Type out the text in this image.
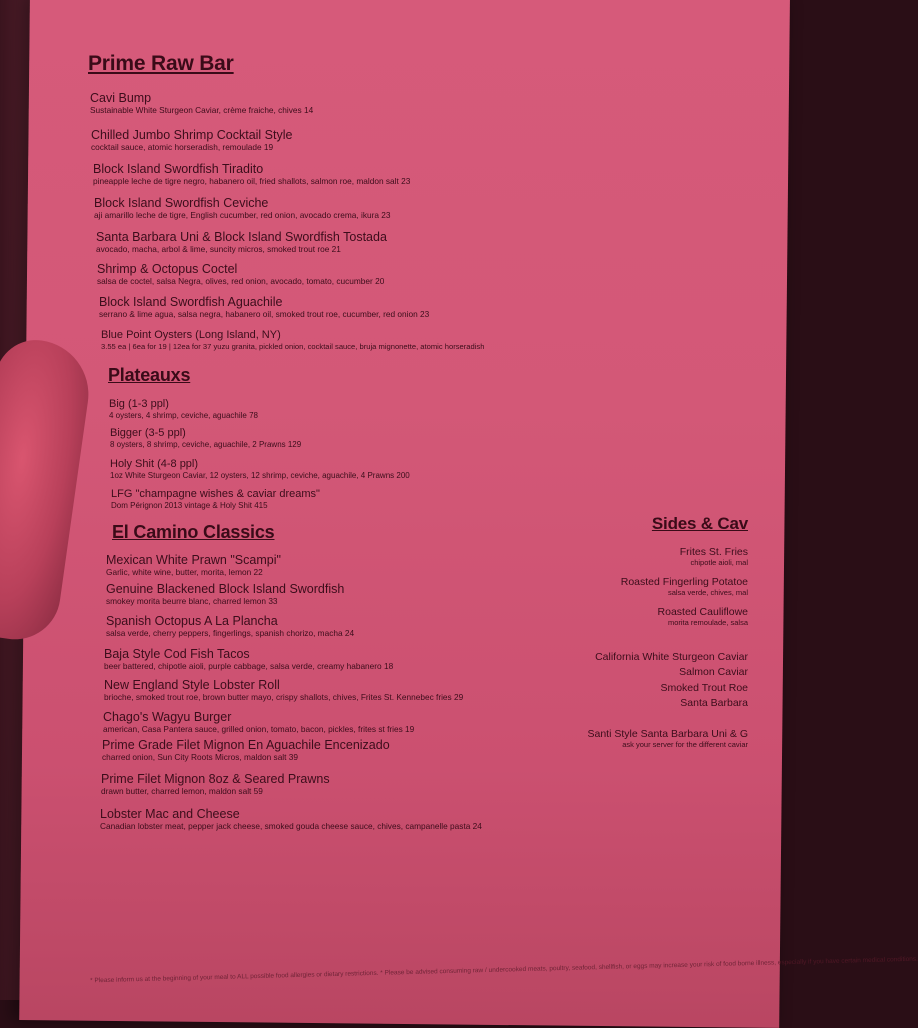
Prime Raw Bar
Cavi Bump
Sustainable White Sturgeon Caviar, crème fraiche, chives 14
Chilled Jumbo Shrimp Cocktail Style
cocktail sauce, atomic horseradish, remoulade 19
Block Island Swordfish Tiradito
pineapple leche de tigre negro, habanero oil, fried shallots, salmon roe, maldon salt 23
Block Island Swordfish Ceviche
aji amarillo leche de tigre, English cucumber, red onion, avocado crema, ikura 23
Santa Barbara Uni & Block Island Swordfish Tostada
avocado, macha, arbol & lime, suncity micros, smoked trout roe 21
Shrimp & Octopus Coctel
salsa de coctel, salsa Negra, olives, red onion, avocado, tomato, cucumber 20
Block Island Swordfish Aguachile
serrano & lime agua, salsa negra, habanero oil, smoked trout roe, cucumber, red onion 23
Blue Point Oysters (Long Island, NY)
3.55 ea | 6ea for 19 | 12ea for 37 yuzu granita, pickled onion, cocktail sauce, bruja mignonette, atomic horseradish
Plateauxs
Big (1-3 ppl)
4 oysters, 4 shrimp, ceviche, aguachile 78
Bigger (3-5 ppl)
8 oysters, 8 shrimp, ceviche, aguachile, 2 Prawns 129
Holy Shit (4-8 ppl)
1oz White Sturgeon Caviar, 12 oysters, 12 shrimp, ceviche, aguachile, 4 Prawns 200
LFG "champagne wishes & caviar dreams"
Dom Pérignon 2013 vintage & Holy Shit 415
El Camino Classics
Mexican White Prawn "Scampi"
Garlic, white wine, butter, morita, lemon 22
Genuine Blackened Block Island Swordfish
smokey morita beurre blanc, charred lemon 33
Spanish Octopus A La Plancha
salsa verde, cherry peppers, fingerlings, spanish chorizo, macha 24
Baja Style Cod Fish Tacos
beer battered, chipotle aioli, purple cabbage, salsa verde, creamy habanero 18
New England Style Lobster Roll
brioche, smoked trout roe, brown butter mayo, crispy shallots, chives, Frites St. Kennebec fries 29
Chago's Wagyu Burger
american, Casa Pantera sauce, grilled onion, tomato, bacon, pickles, frites st fries 19
Prime Grade Filet Mignon En Aguachile Encenizado
charred onion, Sun City Roots Micros, maldon salt 39
Prime Filet Mignon 8oz & Seared Prawns
drawn butter, charred lemon, maldon salt 59
Lobster Mac and Cheese
Canadian lobster meat, pepper jack cheese, smoked gouda cheese sauce, chives, campanelle pasta 24
Sides & Cav
Frites St. Fries
chipotle aioli, mal
Roasted Fingerling Potatoe
salsa verde, chives, mal
Roasted Cauliflowe
morita remoulade, salsa
California White Sturgeon Caviar
Salmon Caviar
Smoked Trout Roe
Santa Barbara
Santi Style Santa Barbara Uni & G
ask your server for the different caviar
* Please inform us at the beginning of your meal to ALL possible food allergies or dietary restrictions. * Please be advised consuming raw / undercooked meats, poultry, seafood, shellfish, or eggs may increase your risk of food borne illness, especially if you have certain medical conditions.
